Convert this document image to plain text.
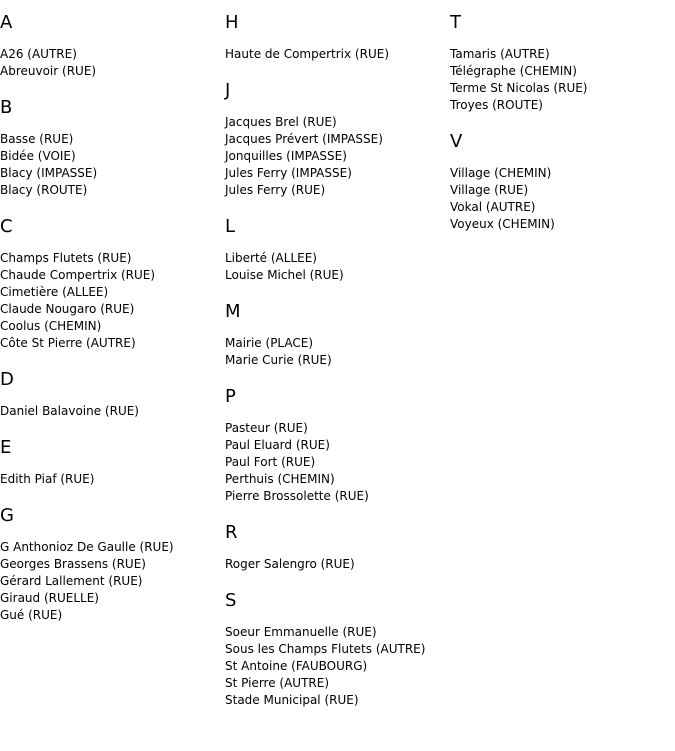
A
A26 (AUTRE)
Abreuvoir (RUE)
B
Basse (RUE)
Bidée (VOIE)
Blacy (IMPASSE)
Blacy (ROUTE)
C
Champs Flutets (RUE)
Chaude Compertrix (RUE)
Cimetière (ALLEE)
Claude Nougaro (RUE)
Coolus (CHEMIN)
Côte St Pierre (AUTRE)
D
Daniel Balavoine (RUE)
E
Edith Piaf (RUE)
G
G Anthonioz De Gaulle (RUE)
Georges Brassens (RUE)
Gérard Lallement (RUE)
Giraud (RUELLE)
Gué (RUE)
H
Haute de Compertrix (RUE)
J
Jacques Brel (RUE)
Jacques Prévert (IMPASSE)
Jonquilles (IMPASSE)
Jules Ferry (IMPASSE)
Jules Ferry (RUE)
L
Liberté (ALLEE)
Louise Michel (RUE)
M
Mairie (PLACE)
Marie Curie (RUE)
P
Pasteur (RUE)
Paul Eluard (RUE)
Paul Fort (RUE)
Perthuis (CHEMIN)
Pierre Brossolette (RUE)
R
Roger Salengro (RUE)
S
Soeur Emmanuelle (RUE)
Sous les Champs Flutets (AUTRE)
St Antoine (FAUBOURG)
St Pierre (AUTRE)
Stade Municipal (RUE)
T
Tamaris (AUTRE)
Télégraphe (CHEMIN)
Terme St Nicolas (RUE)
Troyes (ROUTE)
V
Village (CHEMIN)
Village (RUE)
Vokal (AUTRE)
Voyeux (CHEMIN)
